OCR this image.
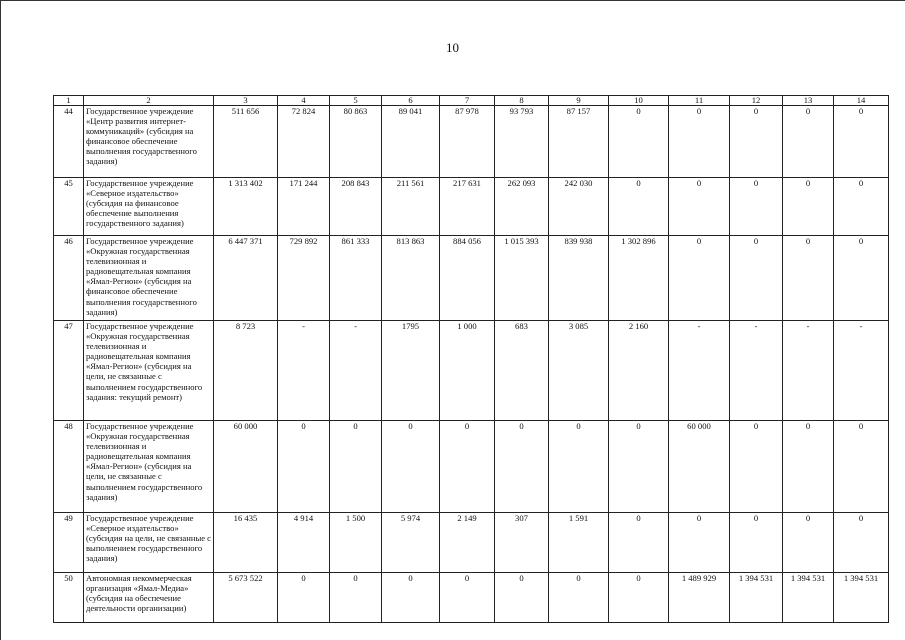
10
1	2	3	4	5	6	7	8	9	10	11	12	13	14
44	Государственное учреждение «Центр развития интернет-коммуникаций» (субсидия на финансовое обеспечение выполнения государственного задания)	511 656	72 824	80 863	89 041	87 978	93 793	87 157	0	0	0	0	0
45	Государственное учреждение «Северное издательство» (субсидия на финансовое обеспечение выполнения государственного задания)	1 313 402	171 244	208 843	211 561	217 631	262 093	242 030	0	0	0	0	0
46	Государственное учреждение «Окружная государственная телевизионная и радиовещательная компания «Ямал-Регион» (субсидия на финансовое обеспечение выполнения государственного задания)	6 447 371	729 892	861 333	813 863	884 056	1 015 393	839 938	1 302 896	0	0	0	0
47	Государственное учреждение «Окружная государственная телевизионная и радиовещательная компания «Ямал-Регион» (субсидия на цели, не связанные с выполнением государственного задания: текущий ремонт)	8 723	-	-	1795	1 000	683	3 085	2 160	-	-	-	-
48	Государственное учреждение «Окружная государственная телевизионная и радиовещательная компания «Ямал-Регион» (субсидия на цели, не связанные с выполнением государственного задания)	60 000	0	0	0	0	0	0	0	60 000	0	0	0
49	Государственное учреждение «Северное издательство» (субсидия на цели, не связанные с выполнением государственного задания)	16 435	4 914	1 500	5 974	2 149	307	1 591	0	0	0	0	0
50	Автономная некоммерческая организация «Ямал-Медиа» (субсидия на обеспечение деятельности организации)	5 673 522	0	0	0	0	0	0	0	1 489 929	1 394 531	1 394 531	1 394 531
